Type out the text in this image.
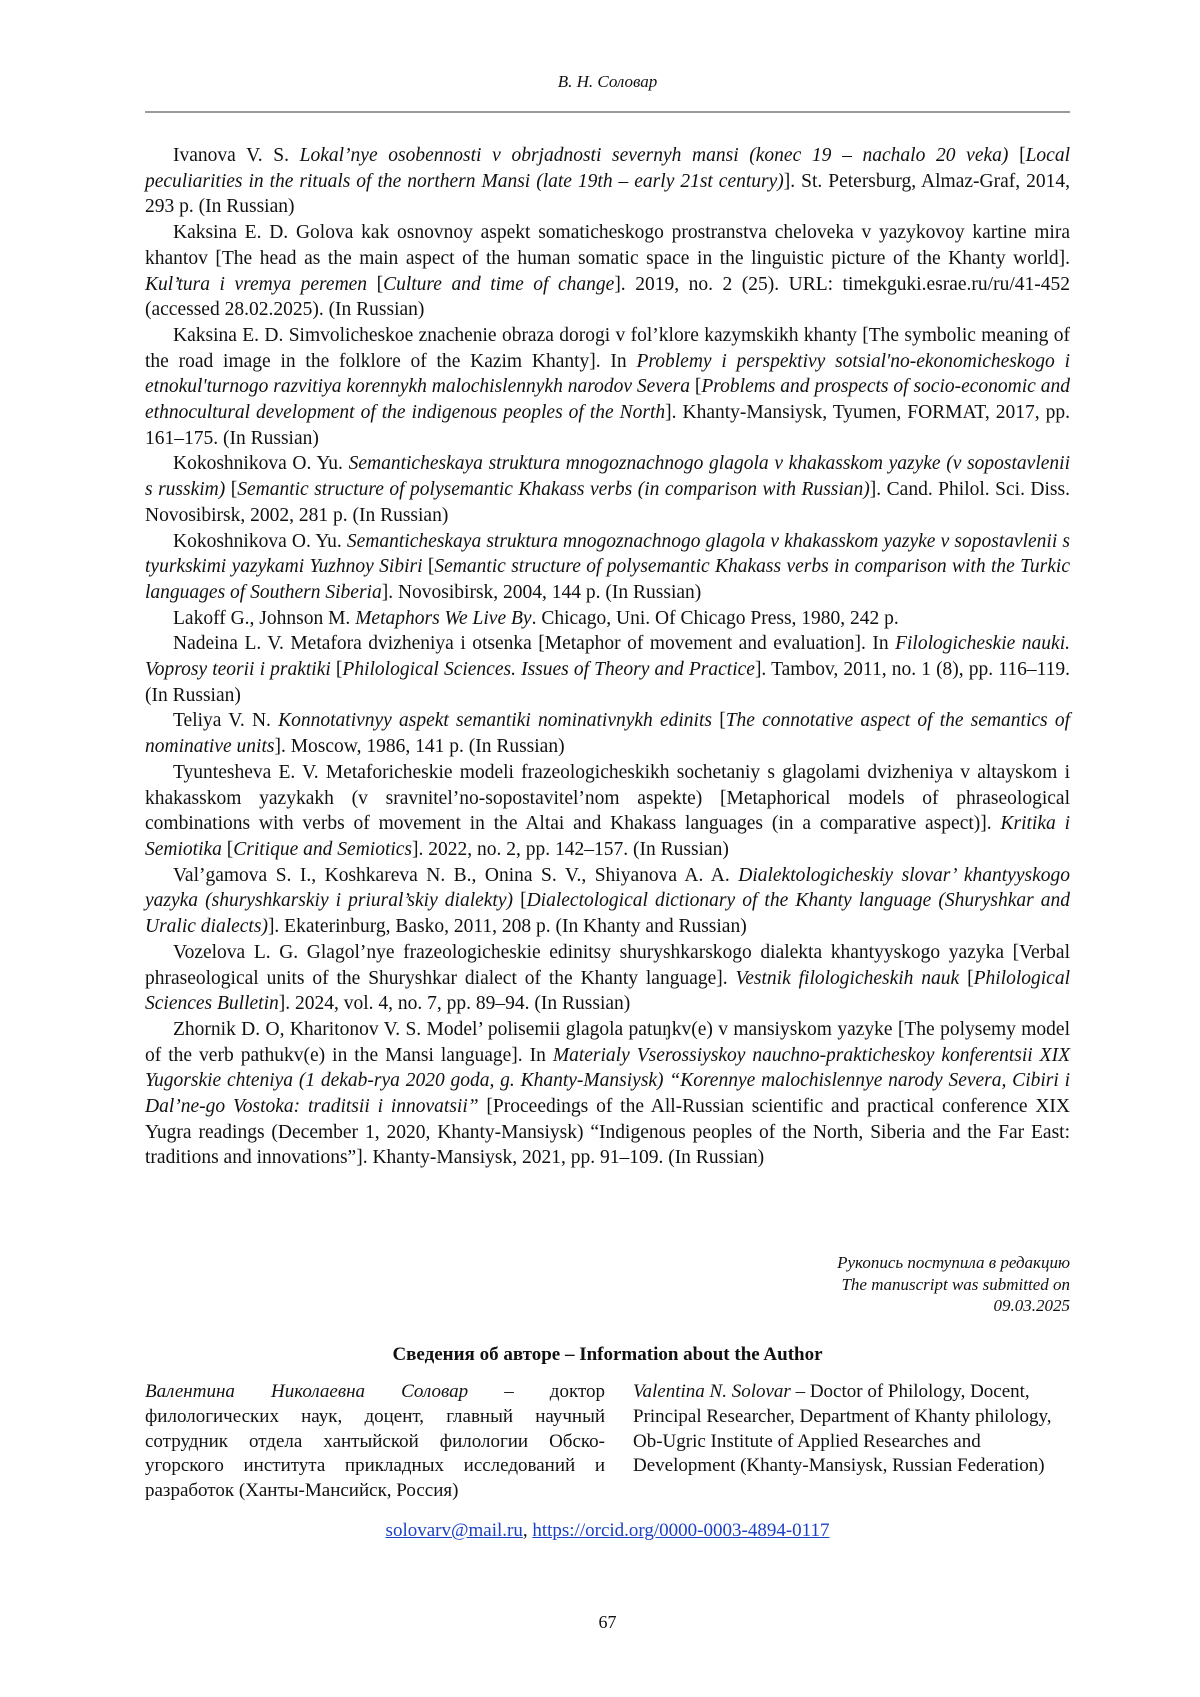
В. Н. Соловар

Ivanova V. S. Lokal’nye osobennosti v obrjadnosti severnyh mansi (konec 19 – nachalo 20 veka) [Local peculiarities in the rituals of the northern Mansi (late 19th – early 21st century)]. St. Petersburg, Almaz-Graf, 2014, 293 p. (In Russian)

Kaksina E. D. Golova kak osnovnoy aspekt somaticheskogo prostranstva cheloveka v yazykovoy kartine mira khantov [The head as the main aspect of the human somatic space in the linguistic picture of the Khanty world]. Kul’tura i vremya peremen [Culture and time of change]. 2019, no. 2 (25). URL: timekguki.esrae.ru/ru/41-452 (accessed 28.02.2025). (In Russian)

Kaksina E. D. Simvolicheskoe znachenie obraza dorogi v fol’klore kazymskikh khanty [The symbolic meaning of the road image in the folklore of the Kazim Khanty]. In Problemy i perspektivy sotsial'no-ekonomicheskogo i etnokul'turnogo razvitiya korennykh malochislennykh narodov Severa [Problems and prospects of socio-economic and ethnocultural development of the indigenous peoples of the North]. Khanty-Mansiysk, Tyumen, FORMAT, 2017, pp. 161–175. (In Russian)

Kokoshnikova O. Yu. Semanticheskaya struktura mnogoznachnogo glagola v khakasskom yazyke (v sopostavlenii s russkim) [Semantic structure of polysemantic Khakass verbs (in comparison with Russian)]. Cand. Philol. Sci. Diss. Novosibirsk, 2002, 281 p. (In Russian)

Kokoshnikova O. Yu. Semanticheskaya struktura mnogoznachnogo glagola v khakasskom yazyke v sopostavlenii s tyurkskimi yazykami Yuzhnoy Sibiri [Semantic structure of polysemantic Khakass verbs in comparison with the Turkic languages of Southern Siberia]. Novosibirsk, 2004, 144 p. (In Russian)

Lakoff G., Johnson M. Metaphors We Live By. Chicago, Uni. Of Chicago Press, 1980, 242 p.

Nadeina L. V. Metafora dvizheniya i otsenka [Metaphor of movement and evaluation]. In Filologicheskie nauki. Voprosy teorii i praktiki [Philological Sciences. Issues of Theory and Practice]. Tambov, 2011, no. 1 (8), pp. 116–119. (In Russian)

Teliya V. N. Konnotativnyy aspekt semantiki nominativnykh edinits [The connotative aspect of the semantics of nominative units]. Moscow, 1986, 141 p. (In Russian)

Tyuntesheva E. V. Metaforicheskie modeli frazeologicheskikh sochetaniy s glagolami dvizheniya v altayskom i khakasskom yazykakh (v sravnitel’no-sopostavitel’nom aspekte) [Metaphorical models of phraseological combinations with verbs of movement in the Altai and Khakass languages (in a comparative aspect)]. Kritika i Semiotika [Critique and Semiotics]. 2022, no. 2, pp. 142–157. (In Russian)

Val’gamova S. I., Koshkareva N. B., Onina S. V., Shiyanova A. A. Dialektologicheskiy slovar’ khantyyskogo yazyka (shuryshkarskiy i priural’skiy dialekty) [Dialectological dictionary of the Khanty language (Shuryshkar and Uralic dialects)]. Ekaterinburg, Basko, 2011, 208 p. (In Khanty and Russian)

Vozelova L. G. Glagol’nye frazeologicheskie edinitsy shuryshkarskogo dialekta khantyyskogo yazyka [Verbal phraseological units of the Shuryshkar dialect of the Khanty language]. Vestnik filologicheskih nauk [Philological Sciences Bulletin]. 2024, vol. 4, no. 7, pp. 89–94. (In Russian)

Zhornik D. O, Kharitonov V. S. Model’ polisemii glagola patuŋkv(e) v mansiyskom yazyke [The polysemy model of the verb pathukv(e) in the Mansi language]. In Materialy Vserossiyskoy nauchno-prakticheskoy konferentsii XIX Yugorskie chteniya (1 dekab-rya 2020 goda, g. Khanty-Mansiysk) “Korennye malochislennye narody Severa, Cibiri i Dal’ne-go Vostoka: traditsii i innovatsii” [Proceedings of the All-Russian scientific and practical conference XIX Yugra readings (December 1, 2020, Khanty-Mansiysk) “Indigenous peoples of the North, Siberia and the Far East: traditions and innovations”]. Khanty-Mansiysk, 2021, pp. 91–109. (In Russian)

Рукопись поступила в редакцию
The manuscript was submitted on
09.03.2025
Сведения об авторе – Information about the Author
Валентина Николаевна Соловар – доктор филологических наук, доцент, главный научный сотрудник отдела хантыйской филологии Обско-угорского института прикладных исследований и разработок (Ханты-Мансийск, Россия)
Valentina N. Solovar – Doctor of Philology, Docent, Principal Researcher, Department of Khanty philology, Ob-Ugric Institute of Applied Researches and Development (Khanty-Mansiysk, Russian Federation)
solovarv@mail.ru, https://orcid.org/0000-0003-4894-0117
67
